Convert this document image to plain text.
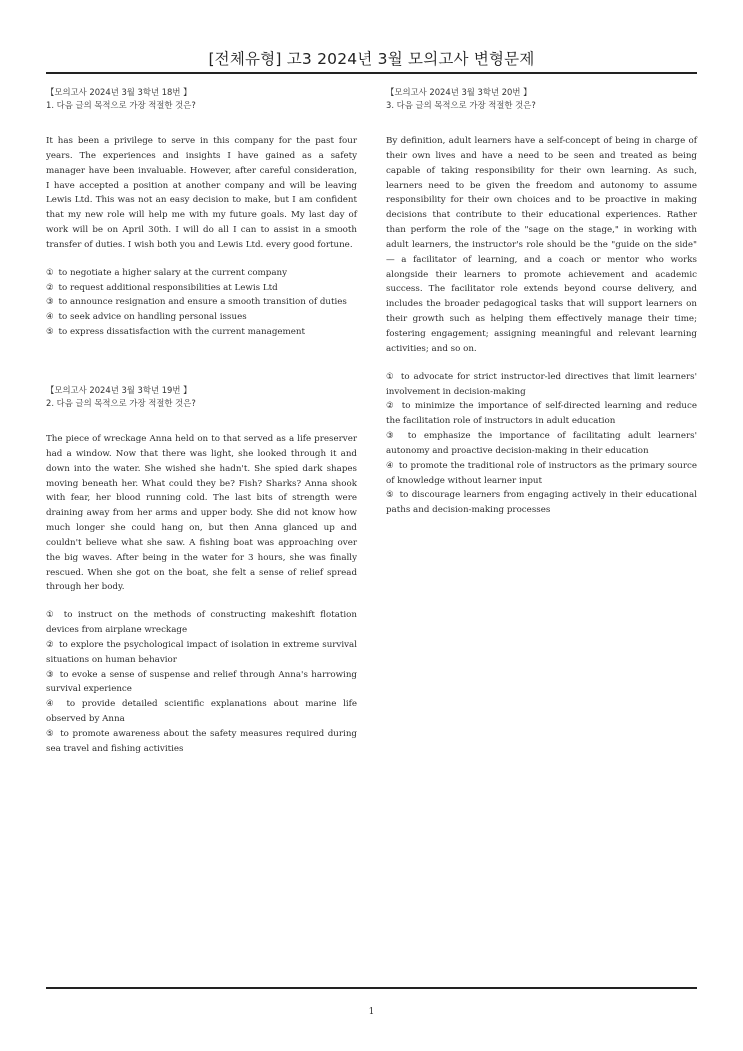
[전체유형] 고3 2024년 3월 모의고사 변형문제

【모의고사 2024년 3월 3학년 18번 】

1. 다음 글의 목적으로 가장 적절한 것은?

It has been a privilege to serve in this company for the past four years. The experiences and insights I have gained as a safety manager have been invaluable. However, after careful consideration, I have accepted a position at another company and will be leaving Lewis Ltd. This was not an easy decision to make, but I am confident that my new role will help me with my future goals. My last day of work will be on April 30th. I will do all I can to assist in a smooth transfer of duties. I wish both you and Lewis Ltd. every good fortune.

① to negotiate a higher salary at the current company
② to request additional responsibilities at Lewis Ltd
③ to announce resignation and ensure a smooth transition of duties
④ to seek advice on handling personal issues
⑤ to express dissatisfaction with the current management

【모의고사 2024년 3월 3학년 19번 】

2. 다음 글의 목적으로 가장 적절한 것은?

The piece of wreckage Anna held on to that served as a life preserver had a window. Now that there was light, she looked through it and down into the water. She wished she hadn't. She spied dark shapes moving beneath her. What could they be? Fish? Sharks? Anna shook with fear, her blood running cold. The last bits of strength were draining away from her arms and upper body. She did not know how much longer she could hang on, but then Anna glanced up and couldn't believe what she saw. A fishing boat was approaching over the big waves. After being in the water for 3 hours, she was finally rescued. When she got on the boat, she felt a sense of relief spread through her body.

① to instruct on the methods of constructing makeshift flotation devices from airplane wreckage
② to explore the psychological impact of isolation in extreme survival situations on human behavior
③ to evoke a sense of suspense and relief through Anna's harrowing survival experience
④ to provide detailed scientific explanations about marine life observed by Anna
⑤ to promote awareness about the safety measures required during sea travel and fishing activities

【모의고사 2024년 3월 3학년 20번 】

3. 다음 글의 목적으로 가장 적절한 것은?

By definition, adult learners have a self-concept of being in charge of their own lives and have a need to be seen and treated as being capable of taking responsibility for their own learning. As such, learners need to be given the freedom and autonomy to assume responsibility for their own choices and to be proactive in making decisions that contribute to their educational experiences. Rather than perform the role of the "sage on the stage," in working with adult learners, the instructor's role should be the "guide on the side" — a facilitator of learning, and a coach or mentor who works alongside their learners to promote achievement and academic success. The facilitator role extends beyond course delivery, and includes the broader pedagogical tasks that will support learners on their growth such as helping them effectively manage their time; fostering engagement; assigning meaningful and relevant learning activities; and so on.

① to advocate for strict instructor-led directives that limit learners' involvement in decision-making
② to minimize the importance of self-directed learning and reduce the facilitation role of instructors in adult education
③ to emphasize the importance of facilitating adult learners' autonomy and proactive decision-making in their education
④ to promote the traditional role of instructors as the primary source of knowledge without learner input
⑤ to discourage learners from engaging actively in their educational paths and decision-making processes
1
